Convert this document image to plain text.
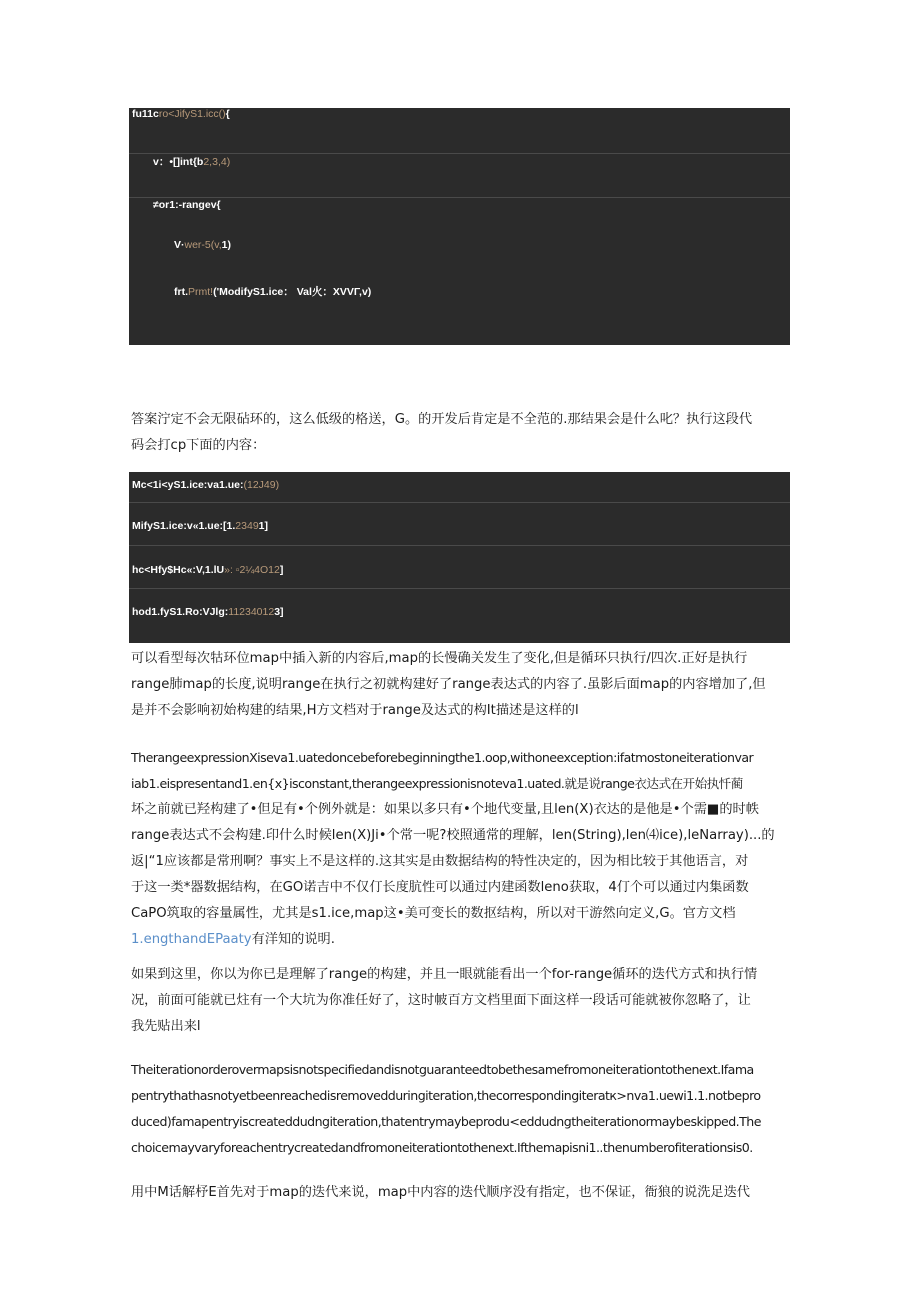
fu11cro<JifyS1.icc(){
v：•[]int{b2,3,4)
≠or1:-rangev{
V·wer-5(v,1)
frt.Prmt!('ModifyS1.ice： Val火：XVVΓ,v)
答案泞定不会无限砧环的，这么低级的格送，G。的开发后肯定是不全范的.那结果会是什么叱？执行这段代
码会打cp下面的内容：
Mc<1i<yS1.ice:va1.ue:(12J49)
MifyS1.ice:v«1.ue:[1.23491]
hc<Hfy$Hc«:V,1.lU»: ▫2¼4O12]
hod1.fyS1.Ro:VJlg:112340123]
可以看型每次牯环位map中插入新的内容后,map的长慢确关发生了变化,但是循环只执行/四次.正好是执行
range肺map的长度,说明range在执行之初就构建好了range表达式的内容了.虽影后面map的内容增加了,但
是并不会影响初始构建的结果,H方文档对于range及达式的构It描述是这样的l
TherangeexpressionXiseva1.uatedoncebeforebeginningthe1.oop,withoneexception:ifatmostoneiterationvar
iab1.eispresentand1.en{x}isconstant,therangeexpressionisnoteva1.uated.就是说range衣达式在开始执忏蔺
坏之前就已羟构建了•但足有•个例外就是：如果以多只有•个地代变量,且len(X)衣达的是他是•个需■的时帙
range表达式不会构建.印什么时候len(X)Ji•个常一呢?校照通常的理解，len(String),len⑷ice),leNarray)...的
返|“1应该都是常刑啊？事实上不是这样的.这其实是由数据结构的特性决定的，因为相比较于其他语言，对
于这一类*器数据结构，在GO诺吉中不仅仃长度肮性可以通过内建函数lenо获取，4仃个可以通过内集函数
CaPO筑取的容量属性，尤其是s1.ice,map这•美可变长的数抠结构，所以对干游然向定义,G。官方文档
1.engthandEPaaty有洋知的说明.
如果到这里，你以为你已是理解了range的构建，并且一眼就能看出一个for-range循环的迭代方式和执行情
况，前面可能就已炷有一个大坑为你准任好了，这时帔百方文档里面下面这样一段话可能就被你忽略了，让
我先贴出来l
Theiterationorderovermapsisnotspecifiedandisnotguaranteedtobethesamefromoneiterationtothenext.Ifama
pentrythathasnotyetbeenreachedisremovedduringiteration,thecorrespondingiteratк>nva1.uewi1.1.notbepro
duced)famapentryiscreateddudngiteration,thatentrymaybeprodu<eddudngtheiterationormaybeskipped.The
choicemayvaryforeachentrycreatedandfromoneiterationtothenext.Ifthemapisni1..thenumberofiterationsis0.
用中M话解杼E首先对于map的迭代来说，map中内容的迭代顺序没有指定，也不保证，衙狼的说洗足迭代
